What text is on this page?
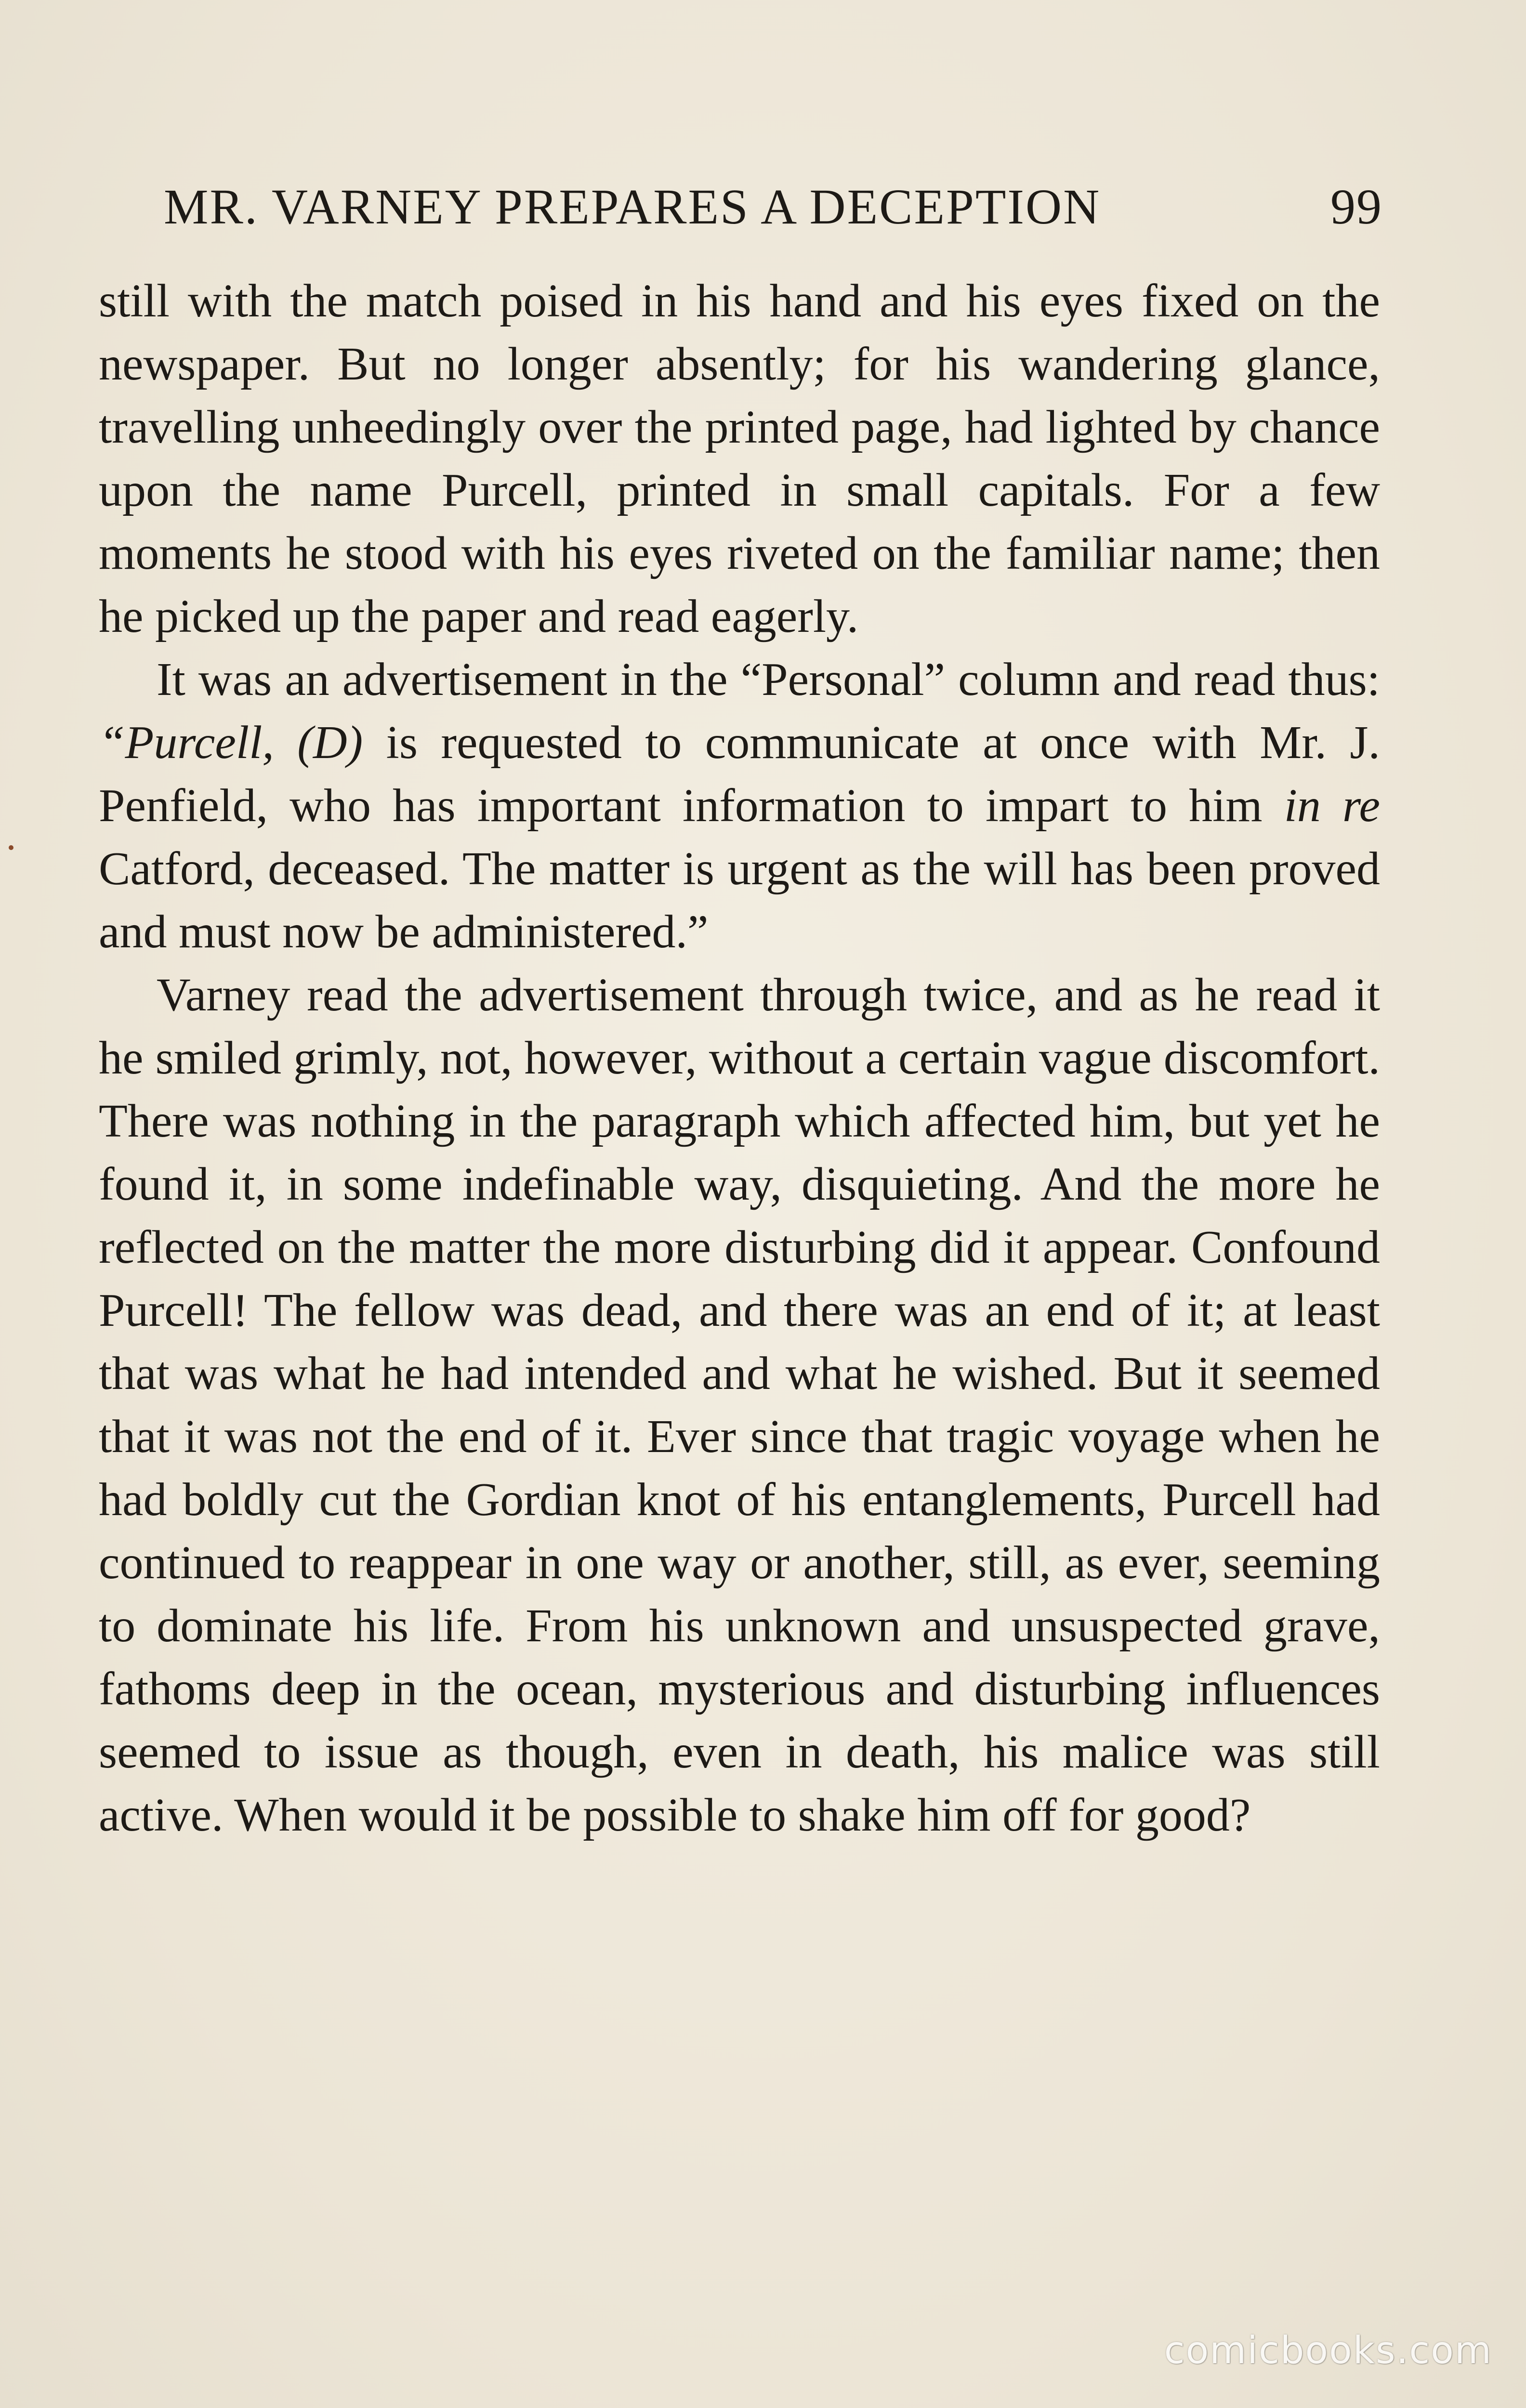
MR. VARNEY PREPARES A DECEPTION	99

still with the match poised in his hand and his eyes fixed on the newspaper. But no longer absently; for his wandering glance, travelling unheedingly over the printed page, had lighted by chance upon the name Purcell, printed in small capitals. For a few moments he stood with his eyes riveted on the familiar name; then he picked up the paper and read eagerly.

It was an advertisement in the “Personal” column and read thus: “Purcell, (D) is requested to communicate at once with Mr. J. Penfield, who has important information to impart to him in re Catford, deceased. The matter is urgent as the will has been proved and must now be administered.”

Varney read the advertisement through twice, and as he read it he smiled grimly, not, however, without a certain vague discomfort. There was nothing in the paragraph which affected him, but yet he found it, in some indefinable way, disquieting. And the more he reflected on the matter the more disturbing did it appear. Confound Purcell! The fellow was dead, and there was an end of it; at least that was what he had intended and what he wished. But it seemed that it was not the end of it. Ever since that tragic voyage when he had boldly cut the Gordian knot of his entanglements, Purcell had continued to reappear in one way or another, still, as ever, seeming to dominate his life. From his unknown and unsuspected grave, fathoms deep in the ocean, mysterious and disturbing influences seemed to issue as though, even in death, his malice was still active. When would it be possible to shake him off for good?

comicbooks.com
